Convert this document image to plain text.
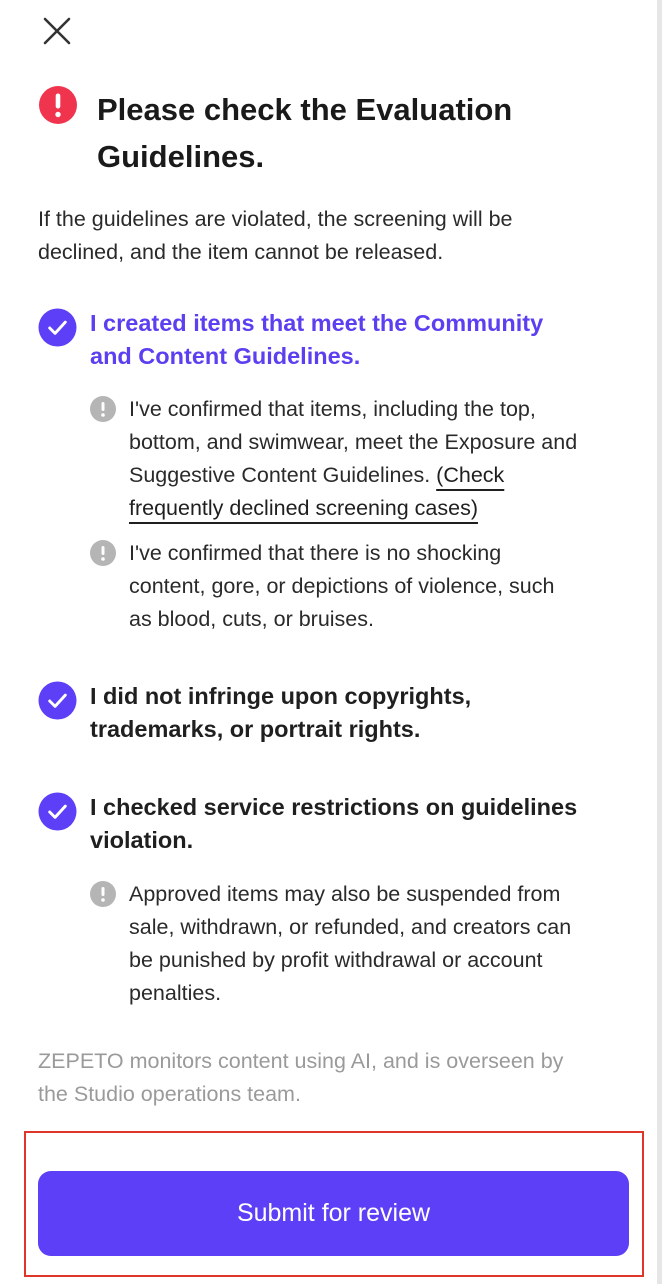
Please check the Evaluation
Guidelines.

If the guidelines are violated, the screening will be
declined, and the item cannot be released.

I created items that meet the Community
and Content Guidelines.
I've confirmed that items, including the top,
bottom, and swimwear, meet the Exposure and
Suggestive Content Guidelines. (Check
frequently declined screening cases)
I've confirmed that there is no shocking
content, gore, or depictions of violence, such
as blood, cuts, or bruises.
I did not infringe upon copyrights,
trademarks, or portrait rights.
I checked service restrictions on guidelines
violation.
Approved items may also be suspended from
sale, withdrawn, or refunded, and creators can
be punished by profit withdrawal or account
penalties.

ZEPETO monitors content using AI, and is overseen by
the Studio operations team.

Submit for review
